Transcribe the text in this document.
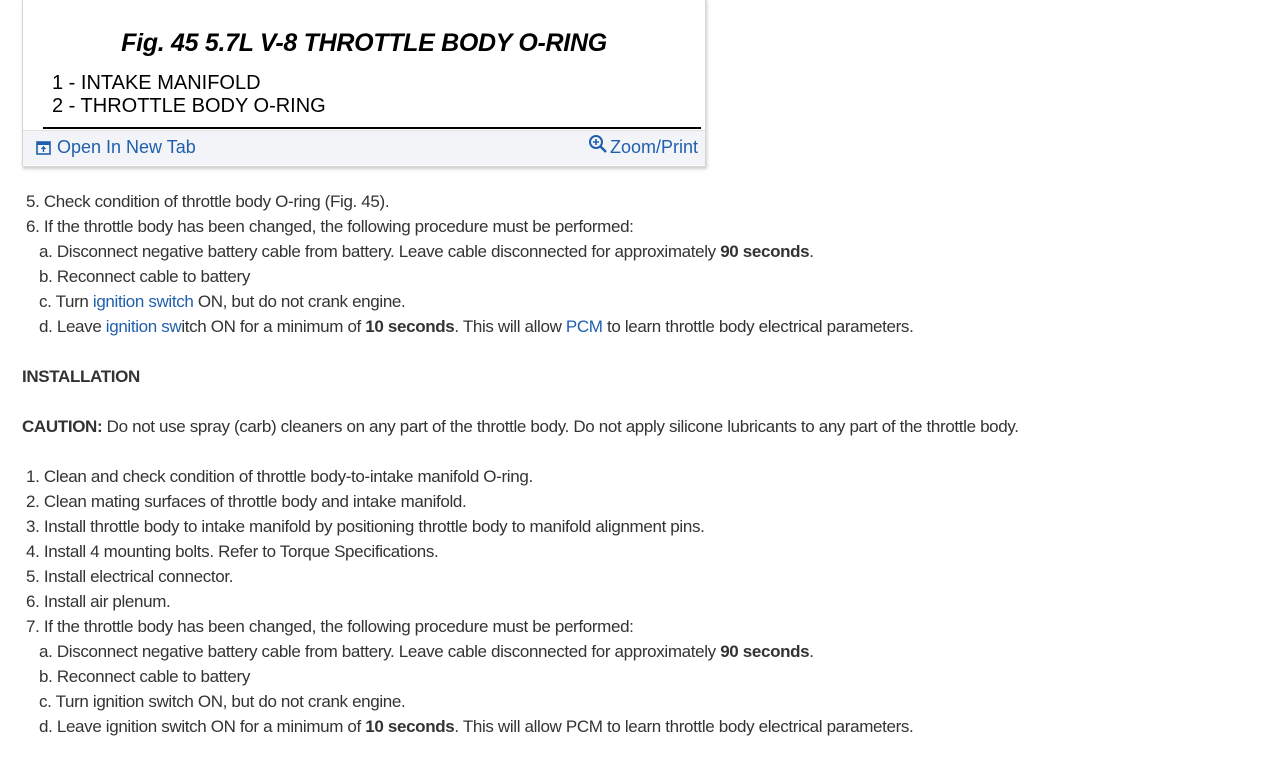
Fig. 45 5.7L V-8 THROTTLE BODY O-RING
1 - INTAKE MANIFOLD
2 - THROTTLE BODY O-RING
Open In New Tab	Zoom/Print
5. Check condition of throttle body O-ring (Fig. 45).
6. If the throttle body has been changed, the following procedure must be performed:
a. Disconnect negative battery cable from battery. Leave cable disconnected for approximately 90 seconds.
b. Reconnect cable to battery
c. Turn ignition switch ON, but do not crank engine.
d. Leave ignition switch ON for a minimum of 10 seconds. This will allow PCM to learn throttle body electrical parameters.
INSTALLATION
CAUTION: Do not use spray (carb) cleaners on any part of the throttle body. Do not apply silicone lubricants to any part of the throttle body.
1. Clean and check condition of throttle body-to-intake manifold O-ring.
2. Clean mating surfaces of throttle body and intake manifold.
3. Install throttle body to intake manifold by positioning throttle body to manifold alignment pins.
4. Install 4 mounting bolts. Refer to Torque Specifications.
5. Install electrical connector.
6. Install air plenum.
7. If the throttle body has been changed, the following procedure must be performed:
a. Disconnect negative battery cable from battery. Leave cable disconnected for approximately 90 seconds.
b. Reconnect cable to battery
c. Turn ignition switch ON, but do not crank engine.
d. Leave ignition switch ON for a minimum of 10 seconds. This will allow PCM to learn throttle body electrical parameters.
